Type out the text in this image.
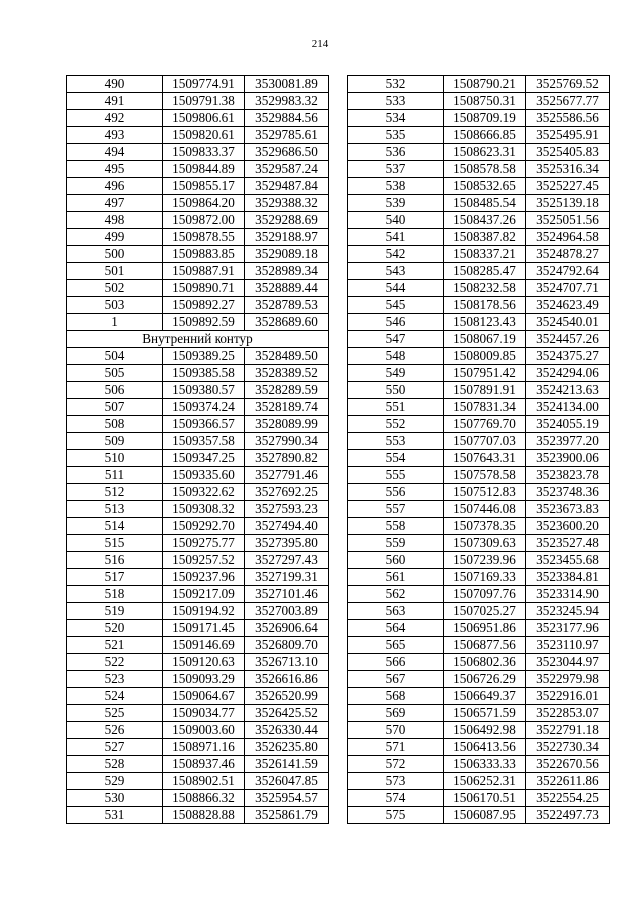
214
490	1509774.91	3530081.89
491	1509791.38	3529983.32
492	1509806.61	3529884.56
493	1509820.61	3529785.61
494	1509833.37	3529686.50
495	1509844.89	3529587.24
496	1509855.17	3529487.84
497	1509864.20	3529388.32
498	1509872.00	3529288.69
499	1509878.55	3529188.97
500	1509883.85	3529089.18
501	1509887.91	3528989.34
502	1509890.71	3528889.44
503	1509892.27	3528789.53
1	1509892.59	3528689.60
Внутренний контур		
504	1509389.25	3528489.50
505	1509385.58	3528389.52
506	1509380.57	3528289.59
507	1509374.24	3528189.74
508	1509366.57	3528089.99
509	1509357.58	3527990.34
510	1509347.25	3527890.82
511	1509335.60	3527791.46
512	1509322.62	3527692.25
513	1509308.32	3527593.23
514	1509292.70	3527494.40
515	1509275.77	3527395.80
516	1509257.52	3527297.43
517	1509237.96	3527199.31
518	1509217.09	3527101.46
519	1509194.92	3527003.89
520	1509171.45	3526906.64
521	1509146.69	3526809.70
522	1509120.63	3526713.10
523	1509093.29	3526616.86
524	1509064.67	3526520.99
525	1509034.77	3526425.52
526	1509003.60	3526330.44
527	1508971.16	3526235.80
528	1508937.46	3526141.59
529	1508902.51	3526047.85
530	1508866.32	3525954.57
531	1508828.88	3525861.79
532	1508790.21	3525769.52
533	1508750.31	3525677.77
534	1508709.19	3525586.56
535	1508666.85	3525495.91
536	1508623.31	3525405.83
537	1508578.58	3525316.34
538	1508532.65	3525227.45
539	1508485.54	3525139.18
540	1508437.26	3525051.56
541	1508387.82	3524964.58
542	1508337.21	3524878.27
543	1508285.47	3524792.64
544	1508232.58	3524707.71
545	1508178.56	3524623.49
546	1508123.43	3524540.01
547	1508067.19	3524457.26
548	1508009.85	3524375.27
549	1507951.42	3524294.06
550	1507891.91	3524213.63
551	1507831.34	3524134.00
552	1507769.70	3524055.19
553	1507707.03	3523977.20
554	1507643.31	3523900.06
555	1507578.58	3523823.78
556	1507512.83	3523748.36
557	1507446.08	3523673.83
558	1507378.35	3523600.20
559	1507309.63	3523527.48
560	1507239.96	3523455.68
561	1507169.33	3523384.81
562	1507097.76	3523314.90
563	1507025.27	3523245.94
564	1506951.86	3523177.96
565	1506877.56	3523110.97
566	1506802.36	3523044.97
567	1506726.29	3522979.98
568	1506649.37	3522916.01
569	1506571.59	3522853.07
570	1506492.98	3522791.18
571	1506413.56	3522730.34
572	1506333.33	3522670.56
573	1506252.31	3522611.86
574	1506170.51	3522554.25
575	1506087.95	3522497.73
